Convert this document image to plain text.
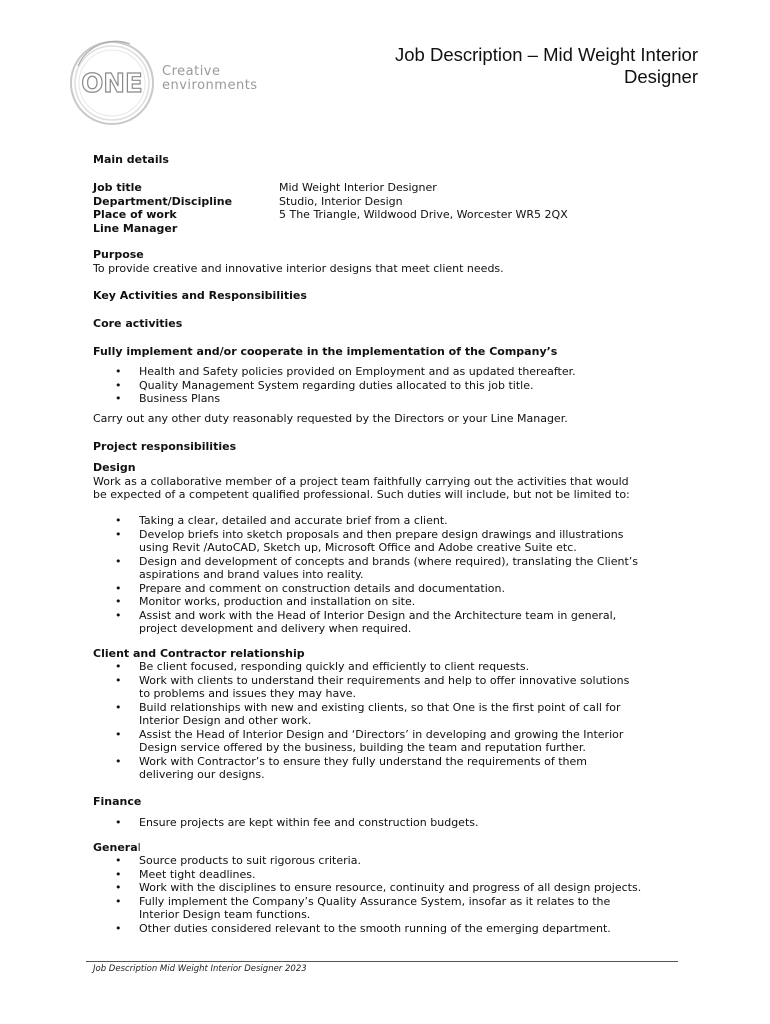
ONE Creative
environments
Job Description – Mid Weight Interior
Designer
Main details
Job title	Mid Weight Interior Designer
Department/Discipline	Studio, Interior Design
Place of work	5 The Triangle, Wildwood Drive, Worcester WR5 2QX
Line Manager
Purpose
To provide creative and innovative interior designs that meet client needs.
Key Activities and Responsibilities
Core activities
Fully implement and/or cooperate in the implementation of the Company’s
• Health and Safety policies provided on Employment and as updated thereafter.
• Quality Management System regarding duties allocated to this job title.
• Business Plans
Carry out any other duty reasonably requested by the Directors or your Line Manager.
Project responsibilities
Design
Work as a collaborative member of a project team faithfully carrying out the activities that would
be expected of a competent qualified professional. Such duties will include, but not be limited to:
• Taking a clear, detailed and accurate brief from a client.
• Develop briefs into sketch proposals and then prepare design drawings and illustrations
using Revit /AutoCAD, Sketch up, Microsoft Office and Adobe creative Suite etc.
• Design and development of concepts and brands (where required), translating the Client’s
aspirations and brand values into reality.
• Prepare and comment on construction details and documentation.
• Monitor works, production and installation on site.
• Assist and work with the Head of Interior Design and the Architecture team in general,
project development and delivery when required.
Client and Contractor relationship
• Be client focused, responding quickly and efficiently to client requests.
• Work with clients to understand their requirements and help to offer innovative solutions
to problems and issues they may have.
• Build relationships with new and existing clients, so that One is the first point of call for
Interior Design and other work.
• Assist the Head of Interior Design and ‘Directors’ in developing and growing the Interior
Design service offered by the business, building the team and reputation further.
• Work with Contractor’s to ensure they fully understand the requirements of them
delivering our designs.
Finance
• Ensure projects are kept within fee and construction budgets.
General
• Source products to suit rigorous criteria.
• Meet tight deadlines.
• Work with the disciplines to ensure resource, continuity and progress of all design projects.
• Fully implement the Company’s Quality Assurance System, insofar as it relates to the
Interior Design team functions.
• Other duties considered relevant to the smooth running of the emerging department.
Job Description Mid Weight Interior Designer 2023
